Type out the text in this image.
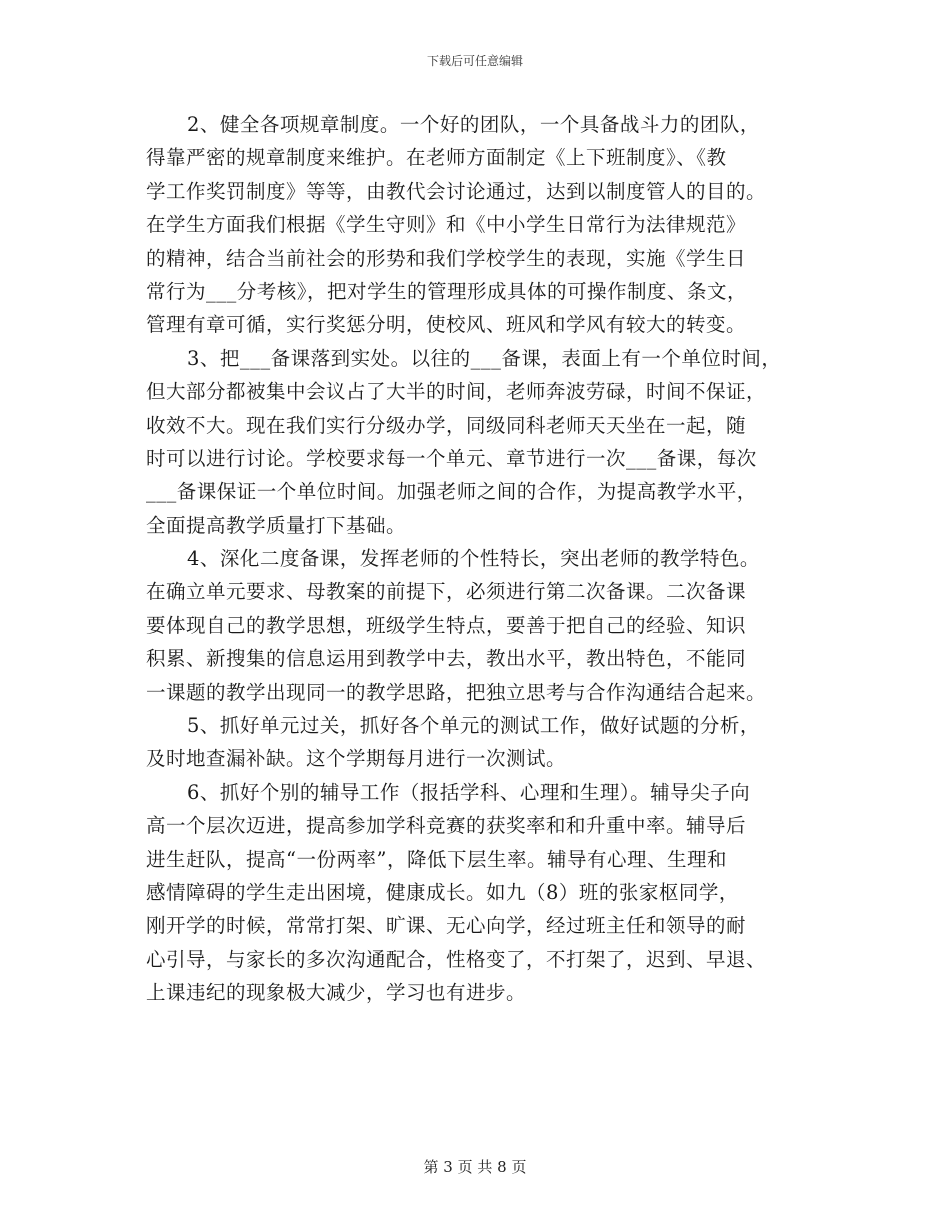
下载后可任意编辑
2、健全各项规章制度。一个好的团队，一个具备战斗力的团队，
得靠严密的规章制度来维护。在老师方面制定《上下班制度》、《教
学工作奖罚制度》等等，由教代会讨论通过，达到以制度管人的目的。
在学生方面我们根据《学生守则》和《中小学生日常行为法律规范》
的精神，结合当前社会的形势和我们学校学生的表现，实施《学生日
常行为___分考核》，把对学生的管理形成具体的可操作制度、条文，
管理有章可循，实行奖惩分明，使校风、班风和学风有较大的转变。
3、把___备课落到实处。以往的___备课，表面上有一个单位时间，
但大部分都被集中会议占了大半的时间，老师奔波劳碌，时间不保证，
收效不大。现在我们实行分级办学，同级同科老师天天坐在一起，随
时可以进行讨论。学校要求每一个单元、章节进行一次___备课，每次
___备课保证一个单位时间。加强老师之间的合作，为提高教学水平，
全面提高教学质量打下基础。
4、深化二度备课，发挥老师的个性特长，突出老师的教学特色。
在确立单元要求、母教案的前提下，必须进行第二次备课。二次备课
要体现自己的教学思想，班级学生特点，要善于把自己的经验、知识
积累、新搜集的信息运用到教学中去，教出水平，教出特色，不能同
一课题的教学出现同一的教学思路，把独立思考与合作沟通结合起来。
5、抓好单元过关，抓好各个单元的测试工作，做好试题的分析，
及时地查漏补缺。这个学期每月进行一次测试。
6、抓好个别的辅导工作（报括学科、心理和生理）。辅导尖子向
高一个层次迈进，提高参加学科竞赛的获奖率和和升重中率。辅导后
进生赶队，提高“一份两率”，降低下层生率。辅导有心理、生理和
感情障碍的学生走出困境，健康成长。如九（8）班的张家枢同学，
刚开学的时候，常常打架、旷课、无心向学，经过班主任和领导的耐
心引导，与家长的多次沟通配合，性格变了，不打架了，迟到、早退、
上课违纪的现象极大减少，学习也有进步。
第 3 页 共 8 页
